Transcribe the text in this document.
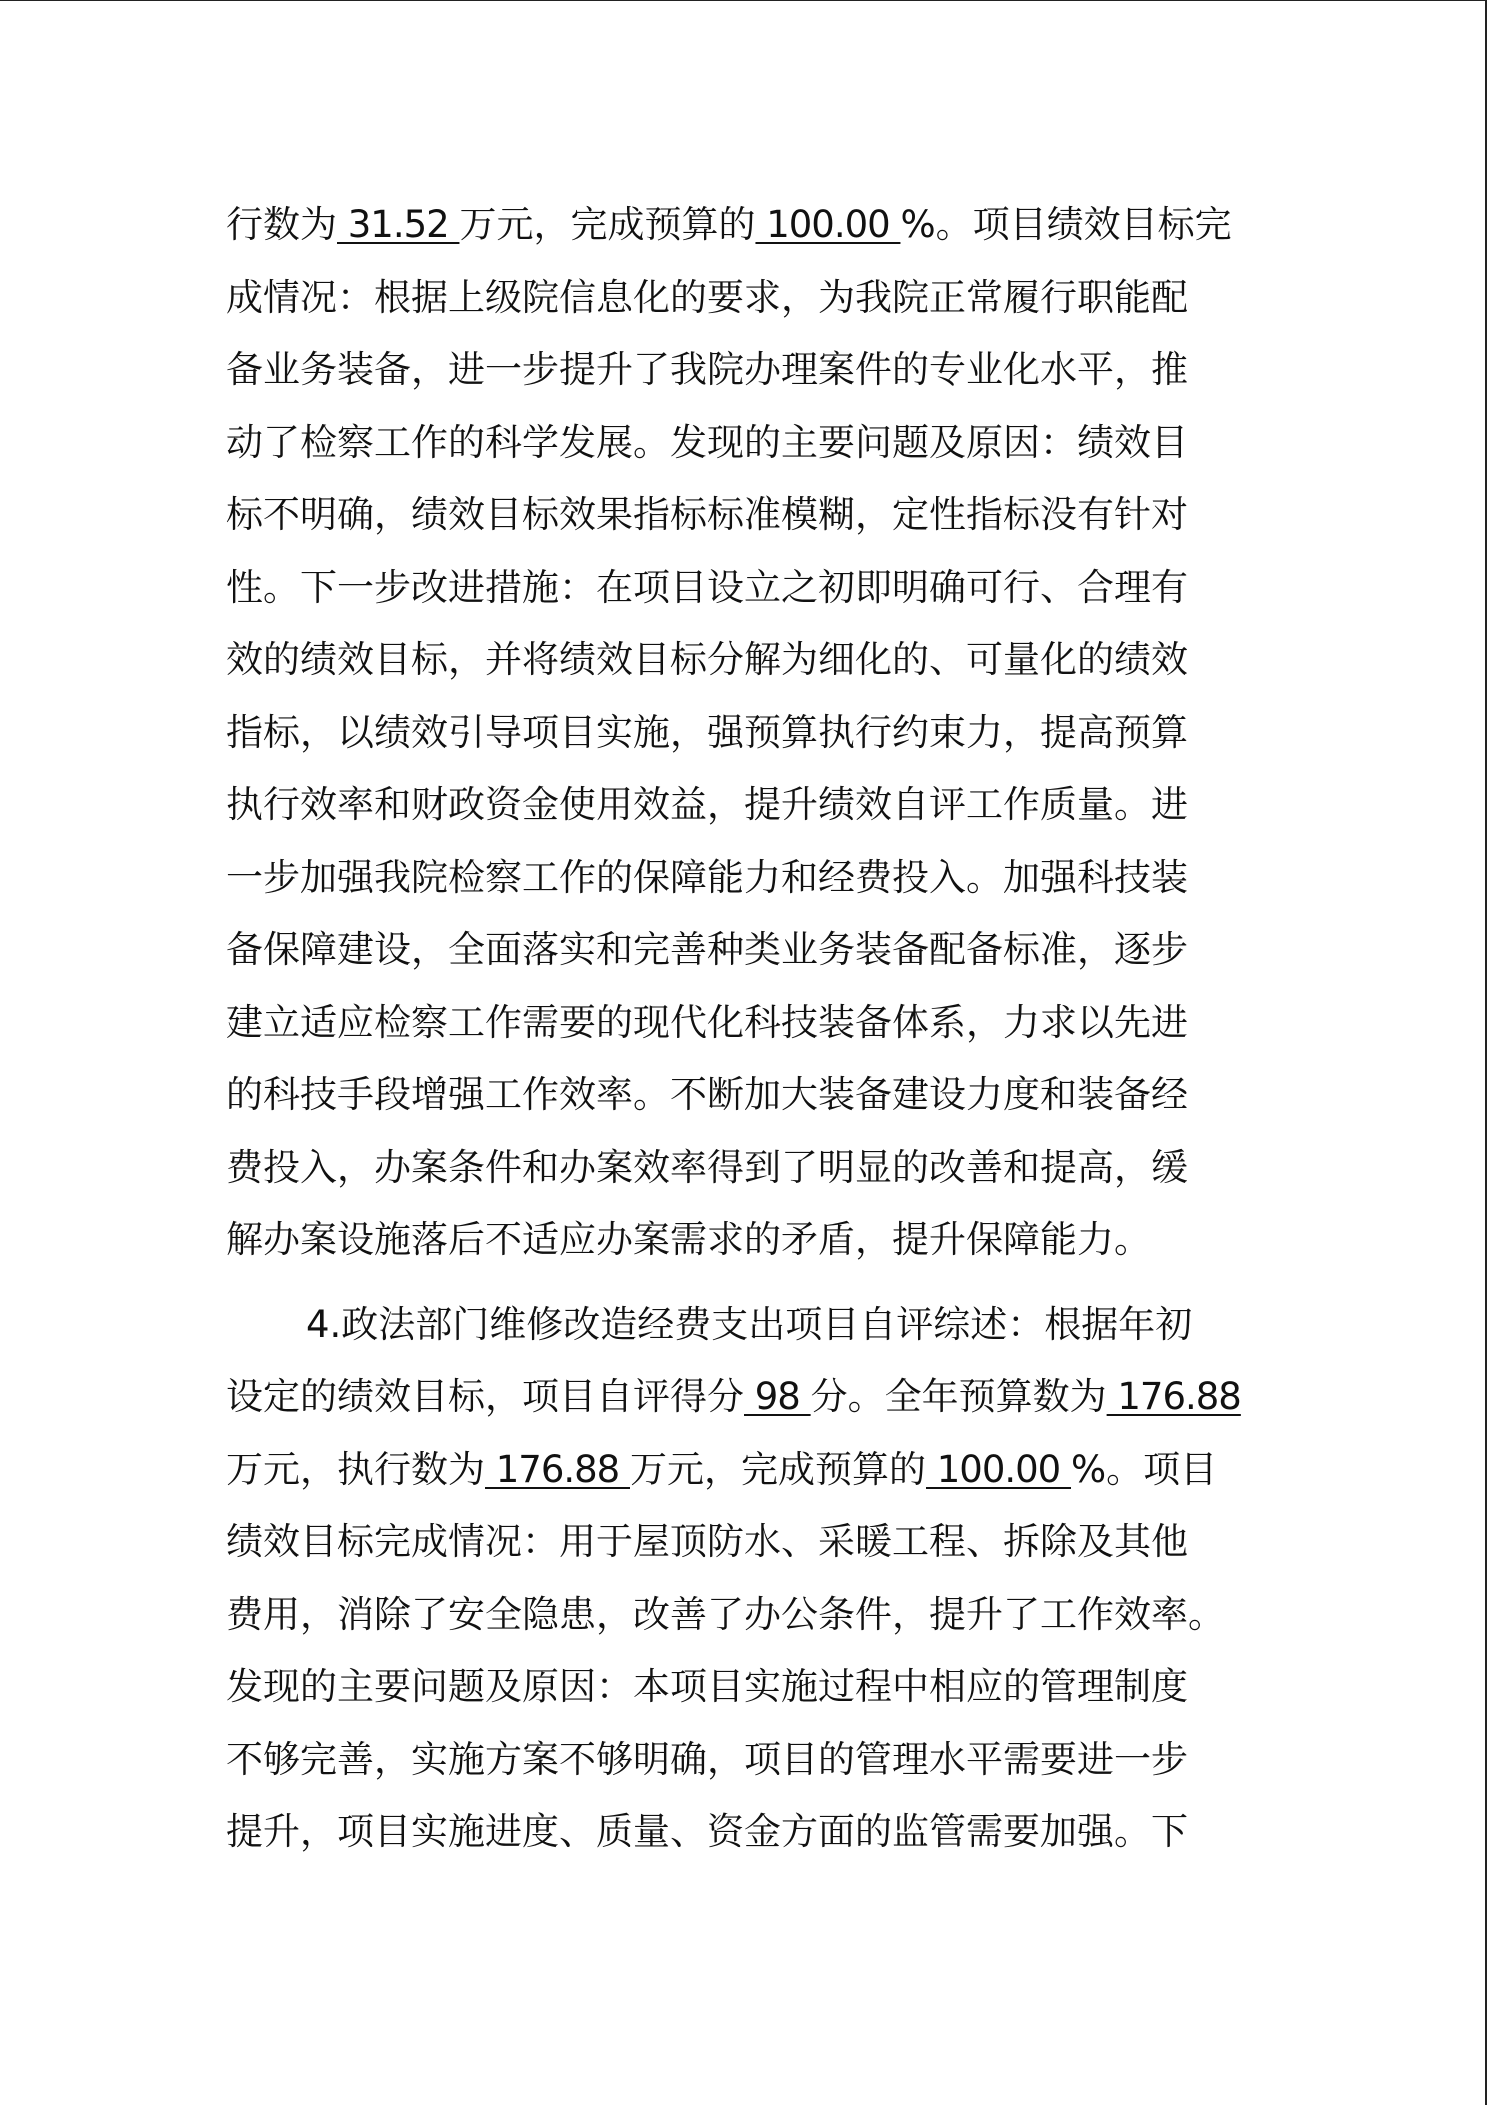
行数为 31.52 万元，完成预算的 100.00 %。项目绩效目标完
成情况：根据上级院信息化的要求，为我院正常履行职能配
备业务装备，进一步提升了我院办理案件的专业化水平，推
动了检察工作的科学发展。发现的主要问题及原因：绩效目
标不明确，绩效目标效果指标标准模糊，定性指标没有针对
性。下一步改进措施：在项目设立之初即明确可行、合理有
效的绩效目标，并将绩效目标分解为细化的、可量化的绩效
指标，以绩效引导项目实施，强预算执行约束力，提高预算
执行效率和财政资金使用效益，提升绩效自评工作质量。进
一步加强我院检察工作的保障能力和经费投入。加强科技装
备保障建设，全面落实和完善种类业务装备配备标准，逐步
建立适应检察工作需要的现代化科技装备体系，力求以先进
的科技手段增强工作效率。不断加大装备建设力度和装备经
费投入，办案条件和办案效率得到了明显的改善和提高，缓
解办案设施落后不适应办案需求的矛盾，提升保障能力。
4.政法部门维修改造经费支出项目自评综述：根据年初
设定的绩效目标，项目自评得分 98 分。全年预算数为 176.88
万元，执行数为 176.88 万元，完成预算的 100.00 %。项目
绩效目标完成情况：用于屋顶防水、采暖工程、拆除及其他
费用，消除了安全隐患，改善了办公条件，提升了工作效率。
发现的主要问题及原因：本项目实施过程中相应的管理制度
不够完善，实施方案不够明确，项目的管理水平需要进一步
提升，项目实施进度、质量、资金方面的监管需要加强。下
